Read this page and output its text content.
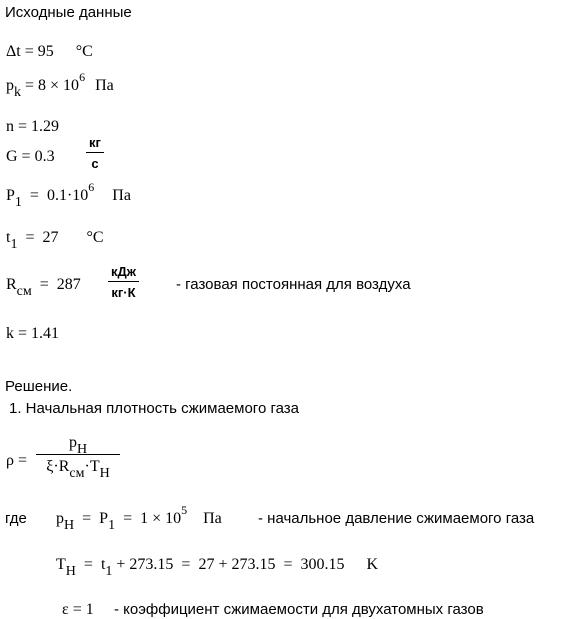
Исходные данные
Δt = 95 °C
pk = $8 \times 10^6$ Па
n = 1.29
G = 0.3
кг
с
$P1 = 0.1\cdot 10^6$ Па
t1 = 27 °C
Rсм = 287
кДж
кг·К	- газовая постоянная для воздуха
k = 1.41
Решение.
1. Начальная плотность сжимаемого газа
ρ =
pH
ξ·Rсм·TH
где pH = $P1 = 1 \times 10^5$ Па - начальное давление сжимаемого газа
TH = t1 + 273.15  =  27 + 273.15  =  300.15 K
ε = 1 - коэффициент сжимаемости для двухатомных газов
